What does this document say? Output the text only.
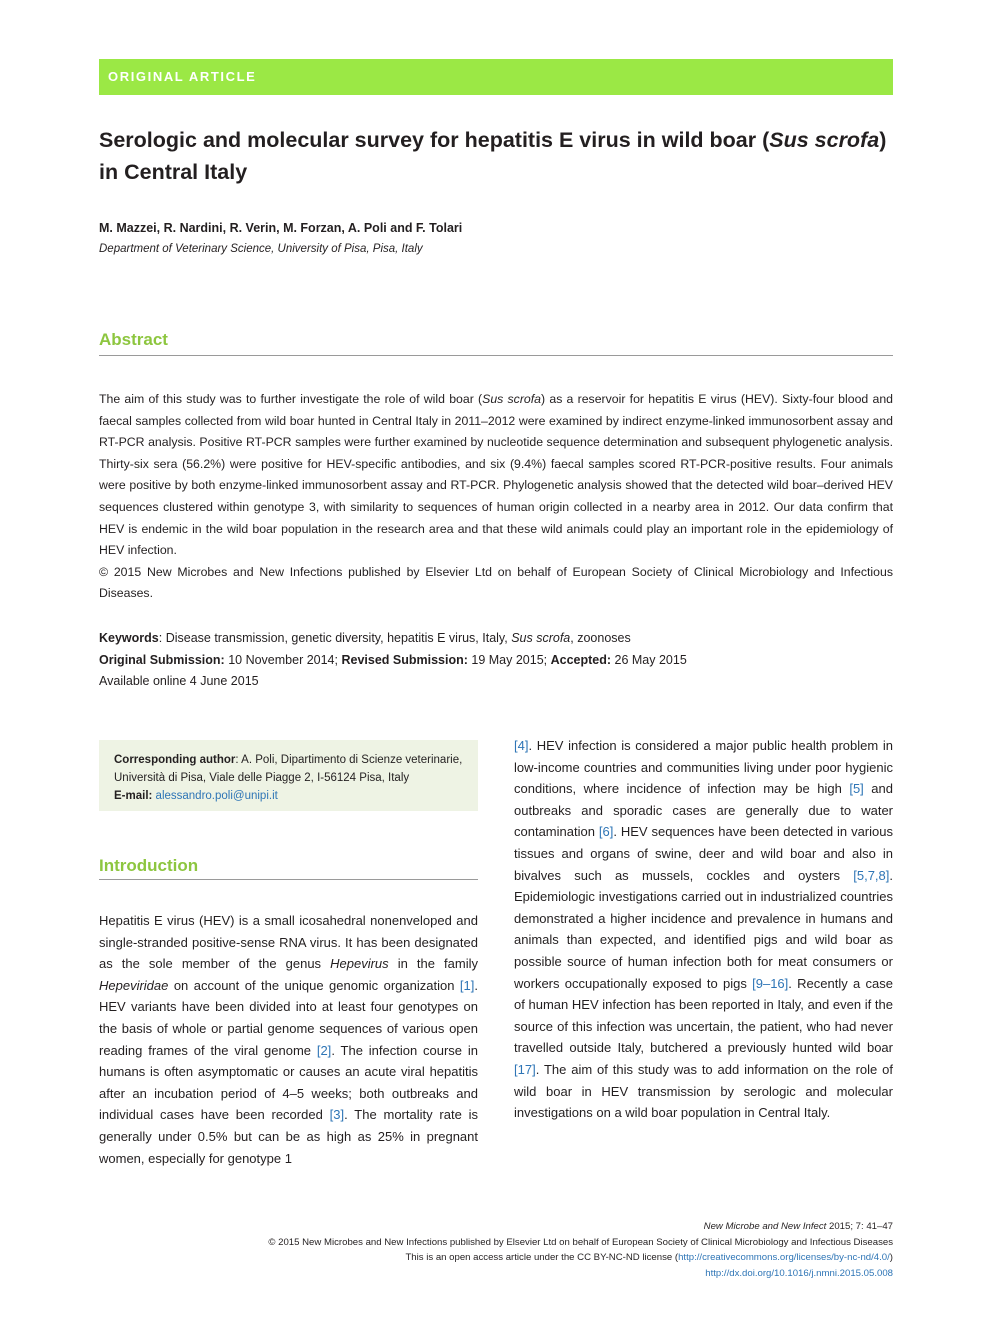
ORIGINAL ARTICLE
Serologic and molecular survey for hepatitis E virus in wild boar (Sus scrofa) in Central Italy
M. Mazzei, R. Nardini, R. Verin, M. Forzan, A. Poli and F. Tolari
Department of Veterinary Science, University of Pisa, Pisa, Italy
Abstract

The aim of this study was to further investigate the role of wild boar (Sus scrofa) as a reservoir for hepatitis E virus (HEV). Sixty-four blood and faecal samples collected from wild boar hunted in Central Italy in 2011–2012 were examined by indirect enzyme-linked immunosorbent assay and RT-PCR analysis. Positive RT-PCR samples were further examined by nucleotide sequence determination and subsequent phylogenetic analysis. Thirty-six sera (56.2%) were positive for HEV-specific antibodies, and six (9.4%) faecal samples scored RT-PCR-positive results. Four animals were positive by both enzyme-linked immunosorbent assay and RT-PCR. Phylogenetic analysis showed that the detected wild boar–derived HEV sequences clustered within genotype 3, with similarity to sequences of human origin collected in a nearby area in 2012. Our data confirm that HEV is endemic in the wild boar population in the research area and that these wild animals could play an important role in the epidemiology of HEV infection.

© 2015 New Microbes and New Infections published by Elsevier Ltd on behalf of European Society of Clinical Microbiology and Infectious Diseases.

Keywords: Disease transmission, genetic diversity, hepatitis E virus, Italy, Sus scrofa, zoonoses
Original Submission: 10 November 2014; Revised Submission: 19 May 2015; Accepted: 26 May 2015
Available online 4 June 2015
Corresponding author: A. Poli, Dipartimento di Scienze veterinarie, Università di Pisa, Viale delle Piagge 2, I-56124 Pisa, Italy
E-mail: alessandro.poli@unipi.it
Introduction

Hepatitis E virus (HEV) is a small icosahedral nonenveloped and single-stranded positive-sense RNA virus. It has been designated as the sole member of the genus Hepevirus in the family Hepeviridae on account of the unique genomic organization [1]. HEV variants have been divided into at least four genotypes on the basis of whole or partial genome sequences of various open reading frames of the viral genome [2]. The infection course in humans is often asymptomatic or causes an acute viral hepatitis after an incubation period of 4–5 weeks; both outbreaks and individual cases have been recorded [3]. The mortality rate is generally under 0.5% but can be as high as 25% in pregnant women, especially for genotype 1

[4]. HEV infection is considered a major public health problem in low-income countries and communities living under poor hygienic conditions, where incidence of infection may be high [5] and outbreaks and sporadic cases are generally due to water contamination [6]. HEV sequences have been detected in various tissues and organs of swine, deer and wild boar and also in bivalves such as mussels, cockles and oysters [5,7,8]. Epidemiologic investigations carried out in industrialized countries demonstrated a higher incidence and prevalence in humans and animals than expected, and identified pigs and wild boar as possible source of human infection both for meat consumers or workers occupationally exposed to pigs [9–16]. Recently a case of human HEV infection has been reported in Italy, and even if the source of this infection was uncertain, the patient, who had never travelled outside Italy, butchered a previously hunted wild boar [17]. The aim of this study was to add information on the role of wild boar in HEV transmission by serologic and molecular investigations on a wild boar population in Central Italy.

New Microbe and New Infect 2015; 7: 41–47
© 2015 New Microbes and New Infections published by Elsevier Ltd on behalf of European Society of Clinical Microbiology and Infectious Diseases
This is an open access article under the CC BY-NC-ND license (http://creativecommons.org/licenses/by-nc-nd/4.0/)
http://dx.doi.org/10.1016/j.nmni.2015.05.008
